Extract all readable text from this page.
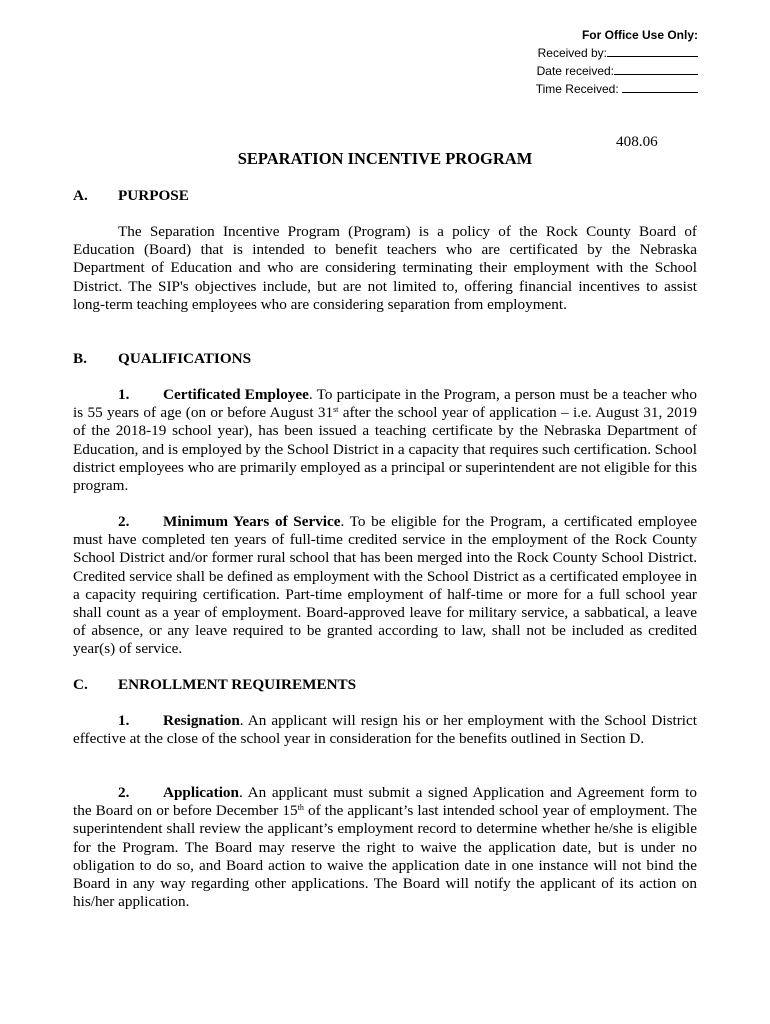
For Office Use Only:
Received by:
Date received:
Time Received:
408.06
SEPARATION INCENTIVE PROGRAM
A. PURPOSE

The Separation Incentive Program (Program) is a policy of the Rock County Board of Education (Board) that is intended to benefit teachers who are certificated by the Nebraska Department of Education and who are considering terminating their employment with the School District. The SIP's objectives include, but are not limited to, offering financial incentives to assist long-term teaching employees who are considering separation from employment.

B. QUALIFICATIONS

1. Certificated Employee. To participate in the Program, a person must be a teacher who is 55 years of age (on or before August 31st after the school year of application – i.e. August 31, 2019 of the 2018-19 school year), has been issued a teaching certificate by the Nebraska Department of Education, and is employed by the School District in a capacity that requires such certification. School district employees who are primarily employed as a principal or superintendent are not eligible for this program.

2. Minimum Years of Service. To be eligible for the Program, a certificated employee must have completed ten years of full-time credited service in the employment of the Rock County School District and/or former rural school that has been merged into the Rock County School District. Credited service shall be defined as employment with the School District as a certificated employee in a capacity requiring certification. Part-time employment of half-time or more for a full school year shall count as a year of employment. Board-approved leave for military service, a sabbatical, a leave of absence, or any leave required to be granted according to law, shall not be included as credited year(s) of service.

C. ENROLLMENT REQUIREMENTS

1. Resignation. An applicant will resign his or her employment with the School District effective at the close of the school year in consideration for the benefits outlined in Section D.

2. Application. An applicant must submit a signed Application and Agreement form to the Board on or before December 15th of the applicant’s last intended school year of employment. The superintendent shall review the applicant’s employment record to determine whether he/she is eligible for the Program. The Board may reserve the right to waive the application date, but is under no obligation to do so, and Board action to waive the application date in one instance will not bind the Board in any way regarding other applications. The Board will notify the applicant of its action on his/her application.
